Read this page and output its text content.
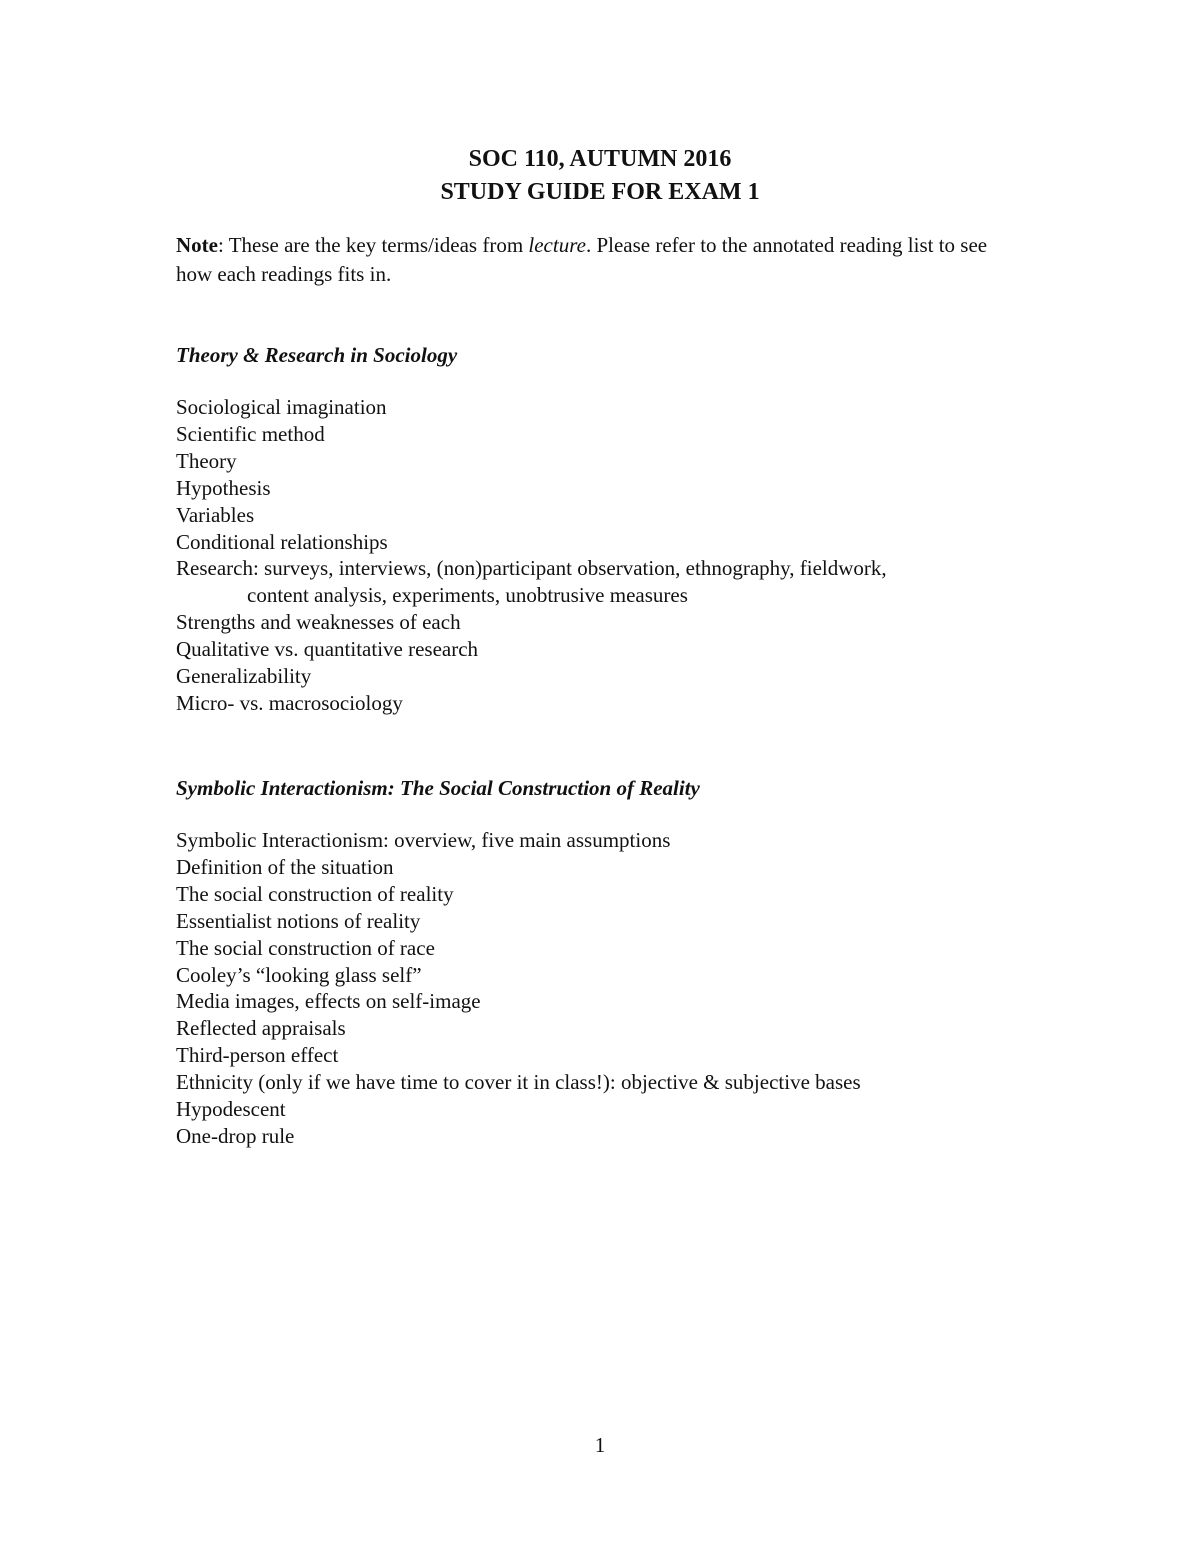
SOC 110, AUTUMN 2016
STUDY GUIDE FOR EXAM 1
Note: These are the key terms/ideas from lecture. Please refer to the annotated reading list to see how each readings fits in.
Theory & Research in Sociology
Sociological imagination
Scientific method
Theory
Hypothesis
Variables
Conditional relationships
Research: surveys, interviews, (non)participant observation, ethnography, fieldwork,
content analysis, experiments, unobtrusive measures
Strengths and weaknesses of each
Qualitative vs. quantitative research
Generalizability
Micro- vs. macrosociology
Symbolic Interactionism: The Social Construction of Reality
Symbolic Interactionism: overview, five main assumptions
Definition of the situation
The social construction of reality
Essentialist notions of reality
The social construction of race
Cooley’s “looking glass self”
Media images, effects on self-image
Reflected appraisals
Third-person effect
Ethnicity (only if we have time to cover it in class!): objective & subjective bases
Hypodescent
One-drop rule
1
